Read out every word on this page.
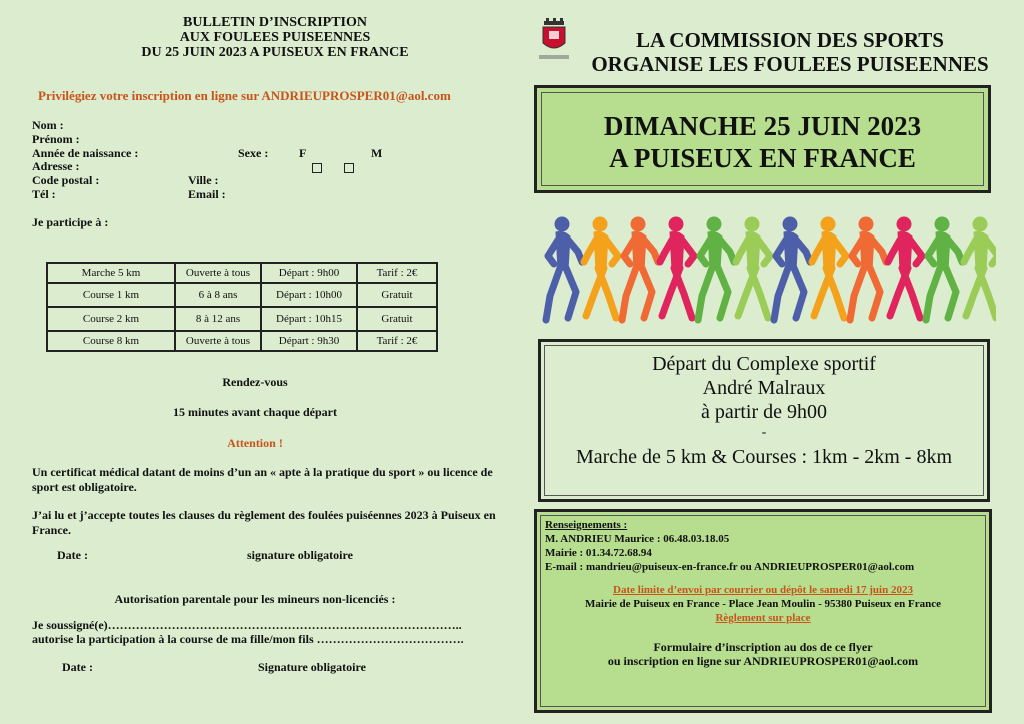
BULLETIN D’INSCRIPTION
AUX FOULEES PUISEENNES
DU 25 JUIN 2023 A PUISEUX EN FRANCE
Privilégiez votre inscription en ligne sur ANDRIEUPROSPER01@aol.com
Nom :
Prénom :
Année de naissance :	Sexe :	F	M
Adresse :
Code postal :	Ville :
Tél :	Email :
Je participe à :
Marche 5 km	Ouverte à tous	Départ : 9h00	Tarif : 2€
Course 1 km	6 à 8 ans	Départ : 10h00	Gratuit
Course 2 km	8 à 12 ans	Départ : 10h15	Gratuit
Course 8 km	Ouverte à tous	Départ : 9h30	Tarif : 2€
Rendez-vous
15 minutes avant chaque départ
Attention !
Un certificat médical datant de moins d’un an « apte à la pratique du sport » ou licence de sport est obligatoire.
J’ai lu et j’accepte toutes les clauses du règlement des foulées puiséennes 2023 à Puiseux en France.
Date :	signature obligatoire
Autorisation parentale pour les mineurs non-licenciés :
Je soussigné(e)……………………………………………………………………………..
autorise la participation à la course de ma fille/mon fils ……………………………….
Date :	Signature obligatoire
LA COMMISSION DES SPORTS
ORGANISE LES FOULEES PUISEENNES
DIMANCHE 25 JUIN 2023
A PUISEUX EN FRANCE
Départ du Complexe sportif
André Malraux
à partir de 9h00
-
Marche de 5 km & Courses : 1km - 2km - 8km
Renseignements :
M. ANDRIEU Maurice : 06.48.03.18.05
Mairie : 01.34.72.68.94
E-mail : mandrieu@puiseux-en-france.fr ou ANDRIEUPROSPER01@aol.com
Date limite d’envoi par courrier ou dépôt le samedi 17 juin 2023
Mairie de Puiseux en France - Place Jean Moulin - 95380 Puiseux en France
Règlement sur place
Formulaire d’inscription au dos de ce flyer
ou inscription en ligne sur ANDRIEUPROSPER01@aol.com
